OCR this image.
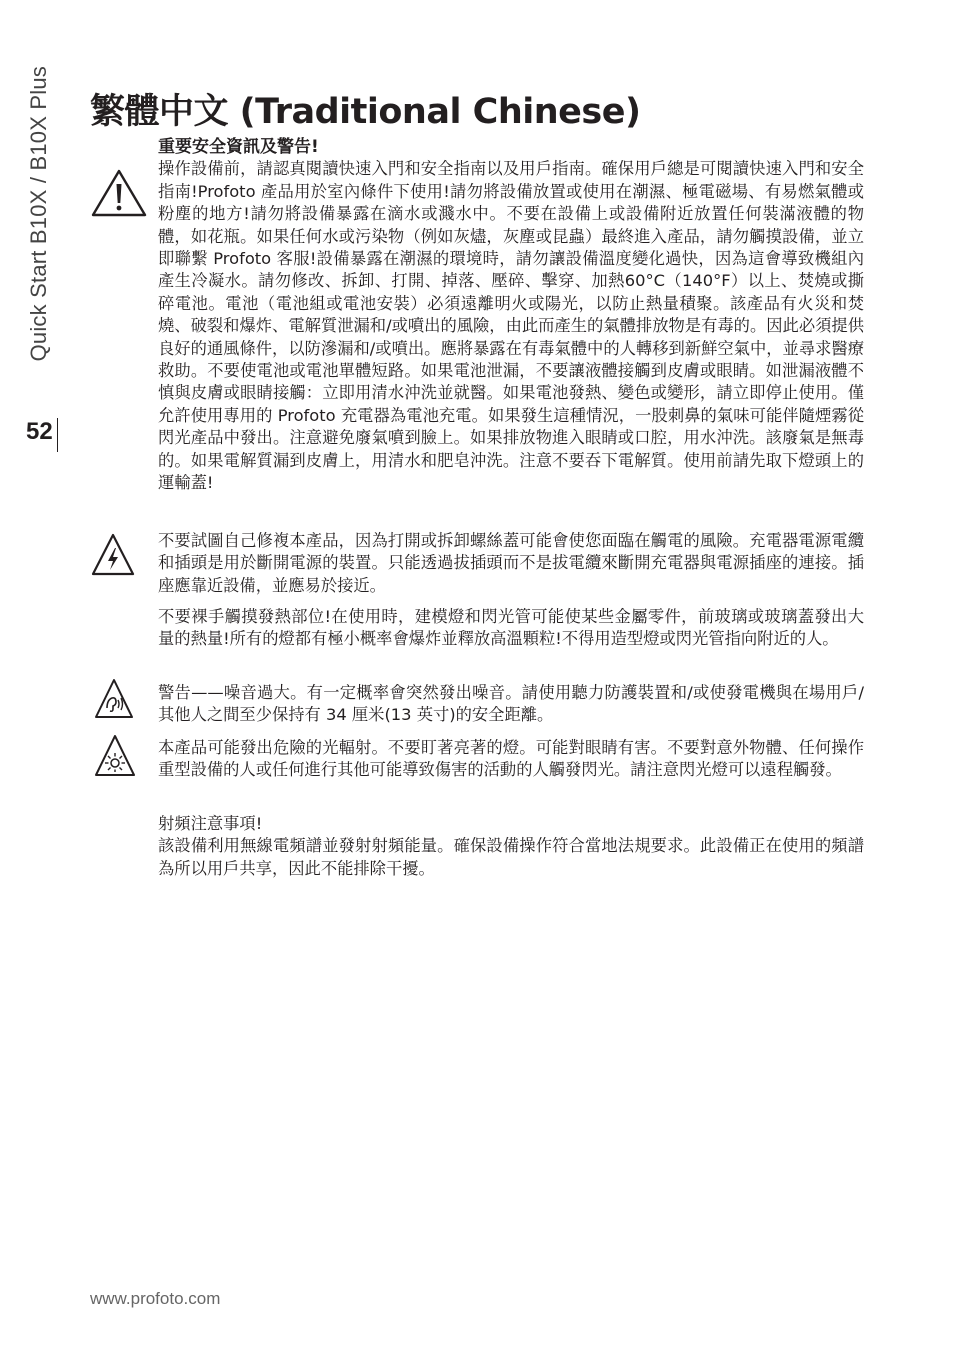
Quick Start B10X / B10X Plus
52
繁體中文 (Traditional Chinese)

重要安全資訊及警告!

操作設備前，請認真閱讀快速入門和安全指南以及用戶指南。確保用戶總是可閱讀快速入門和安全指南!Profoto 產品用於室內條件下使用!請勿將設備放置或使用在潮濕、極電磁場、有易燃氣體或粉塵的地方!請勿將設備暴露在滴水或濺水中。不要在設備上或設備附近放置任何裝滿液體的物體，如花瓶。如果任何水或污染物（例如灰燼，灰塵或昆蟲）最終進入產品，請勿觸摸設備，並立即聯繫 Profoto 客服!設備暴露在潮濕的環境時，請勿讓設備溫度變化過快，因為這會導致機組內產生冷凝水。請勿修改、拆卸、打開、掉落、壓碎、擊穿、加熱60°C（140°F）以上、焚燒或撕碎電池。電池（電池組或電池安裝）必須遠離明火或陽光，以防止熱量積聚。該產品有火災和焚燒、破裂和爆炸、電解質泄漏和/或噴出的風險，由此而產生的氣體排放物是有毒的。因此必須提供良好的通風條件，以防滲漏和/或噴出。應將暴露在有毒氣體中的人轉移到新鮮空氣中，並尋求醫療救助。不要使電池或電池單體短路。如果電池泄漏，不要讓液體接觸到皮膚或眼睛。如泄漏液體不慎與皮膚或眼睛接觸：立即用清水沖洗並就醫。如果電池發熱、變色或變形，請立即停止使用。僅允許使用專用的 Profoto 充電器為電池充電。如果發生這種情況，一股刺鼻的氣味可能伴隨煙霧從閃光產品中發出。注意避免廢氣噴到臉上。如果排放物進入眼睛或口腔，用水沖洗。該廢氣是無毒的。如果電解質漏到皮膚上，用清水和肥皂沖洗。注意不要吞下電解質。使用前請先取下燈頭上的運輸蓋!

不要試圖自己修複本產品，因為打開或拆卸螺絲蓋可能會使您面臨在觸電的風險。充電器電源電纜和插頭是用於斷開電源的裝置。只能透過拔插頭而不是拔電纜來斷開充電器與電源插座的連接。插座應靠近設備，並應易於接近。

不要裸手觸摸發熱部位!在使用時，建模燈和閃光管可能使某些金屬零件，前玻璃或玻璃蓋發出大量的熱量!所有的燈都有極小概率會爆炸並釋放高溫顆粒!不得用造型燈或閃光管指向附近的人。

警告——噪音過大。有一定概率會突然發出噪音。請使用聽力防護裝置和/或使發電機與在場用戶/其他人之間至少保持有 34 厘米(13 英寸)的安全距離。

本產品可能發出危險的光輻射。不要盯著亮著的燈。可能對眼睛有害。不要對意外物體、任何操作重型設備的人或任何進行其他可能導致傷害的活動的人觸發閃光。請注意閃光燈可以遠程觸發。

射頻注意事項!

該設備利用無線電頻譜並發射射頻能量。確保設備操作符合當地法規要求。此設備正在使用的頻譜為所以用戶共享，因此不能排除干擾。

www.profoto.com
